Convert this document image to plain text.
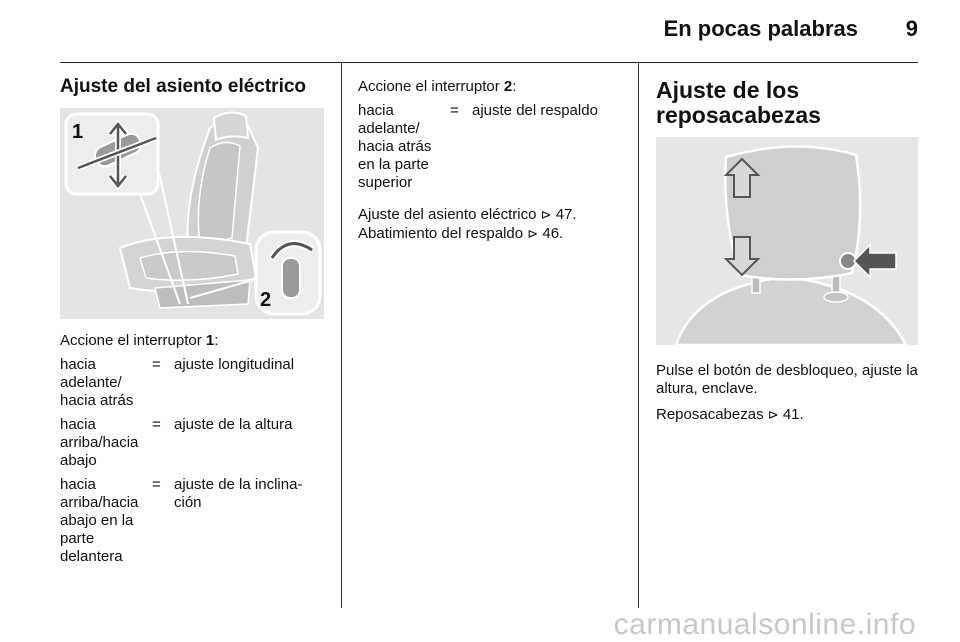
En pocas palabras 9

Ajuste del asiento eléctrico

1
2

Accione el interruptor 1:

hacia adelante/ hacia atrás
= ajuste longitudinal
hacia arriba/hacia abajo
= ajuste de la altura
hacia arriba/hacia abajo en la parte delantera
= ajuste de la inclina-ción

Accione el interruptor 2:

hacia adelante/ hacia atrás en la parte superior
= ajuste del respaldo

Ajuste del asiento eléctrico ⊳ 47.
Abatimiento del respaldo ⊳ 46.

Ajuste de los
reposacabezas

Pulse el botón de desbloqueo, ajuste la altura, enclave.

Reposacabezas ⊳ 41.

carmanualsonline.info
